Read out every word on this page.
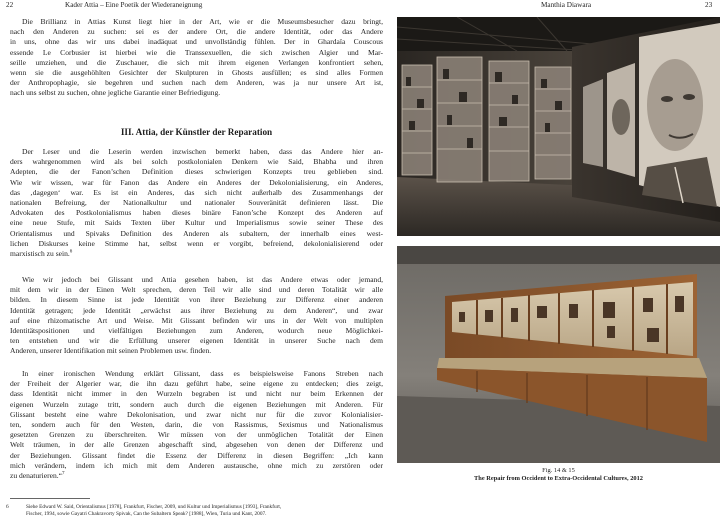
22	Kader Attia – Eine Poetik der Wiederaneignung	Manthia Diawara	23
Die Brillianz in Attias Kunst liegt hier in der Art, wie er die Museumsbesucher dazu bringt,
nach den Anderen zu suchen: sei es der andere Ort, die andere Identität, oder das Andere
in uns, ohne das wir uns dabei inadäquat und unvollständig fühlen. Der in Ghardaïa Couscous
essende Le Corbusier ist hierbei wie die Transsexuellen, die sich zwischen Algier und Mar-
seille umziehen, und die Zuschauer, die sich mit ihrem eigenen Verlangen konfrontiert sehen,
wenn sie die ausgehöhlten Gesichter der Skulpturen in Ghosts ausfüllen; es sind alles Formen
der Anthropophagie, sie begehren und suchen nach dem Anderen, was ja nur unsere Art ist,
nach uns selbst zu suchen, ohne jegliche Garantie einer Befriedigung.
III. Attia, der Künstler der Reparation
Der Leser und die Leserin werden inzwischen bemerkt haben, dass das Andere hier an-
ders wahrgenommen wird als bei solch postkolonialen Denkern wie Said, Bhabha und ihren
Adepten, die der Fanon’schen Definition dieses schwierigen Konzepts treu geblieben sind.
Wie wir wissen, war für Fanon das Andere ein Anderes der Dekolonialisierung, ein Anderes,
das ‚dagegen‘ war. Es ist ein Anderes, das sich nicht außerhalb des Zusammenhangs der
nationalen Befreiung, der Nationalkultur und nationaler Souveränität definieren lässt. Die
Advokaten des Postkolonialismus haben dieses binäre Fanon’sche Konzept des Anderen auf
eine neue Stufe, mit Saids Texten über Kultur und Imperialismus sowie seiner These des
Orientalismus und Spivaks Definition des Anderen als subaltern, der innerhalb eines west-
lichen Diskurses keine Stimme hat, selbst wenn er vorgibt, befreiend, dekolonialisierend oder
marxistisch zu sein.$^6$
Wie wir jedoch bei Glissant und Attia gesehen haben, ist das Andere etwas oder jemand,
mit dem wir in der Einen Welt sprechen, deren Teil wir alle sind und deren Totalität wir alle
bilden. In diesem Sinne ist jede Identität von ihrer Beziehung zur Differenz einer anderen
Identität getragen; jede Identität „erwächst aus ihrer Beziehung zu dem Anderen“, und zwar
auf eine rhizomatische Art und Weise. Mit Glissant befinden wir uns in der Welt von multiplen
Identitätspositionen und vielfältigen Beziehungen zum Anderen, wodurch neue Möglichkei-
ten entstehen und wir die Erfüllung unserer eigenen Identität in unserer Suche nach dem
Anderen, unserer Identifikation mit seinen Problemen usw. finden.
In einer ironischen Wendung erklärt Glissant, dass es beispielsweise Fanons Streben nach
der Freiheit der Algerier war, die ihn dazu geführt habe, seine eigene zu entdecken; dies zeigt,
dass Identität nicht immer in den Wurzeln begraben ist und nicht nur beim Erkennen der
eigenen Wurzeln zutage tritt, sondern auch durch die eigenen Beziehungen mit Anderen. Für
Glissant besteht eine wahre Dekolonisation, und zwar nicht nur für die zuvor Kolonialisier-
ten, sondern auch für den Westen, darin, die von Rassismus, Sexismus und Nationalismus
gesetzten Grenzen zu überschreiten. Wir müssen von der unmöglichen Totalität der Einen
Welt träumen, in der alle Grenzen abgeschafft sind, abgesehen von denen der Differenz und
der Beziehungen. Glissant findet die Essenz der Differenz in diesen Begriffen: „Ich kann
mich verändern, indem ich mich mit dem Anderen austausche, ohne mich zu zerstören oder
zu denaturieren.“$^7$
6	Siehe Edward W. Said, Orientalismus [1978], Frankfurt, Fischer, 2009, und Kultur und Imperialismus [1993], Frankfurt,
Fischer, 1994, sowie Gayatri Chakravorty Spivak, Can the Subaltern Speak? [1988], Wien, Turia und Kant, 2007.
Fig. 14 & 15
The Repair from Occident to Extra-Occidental Cultures, 2012
